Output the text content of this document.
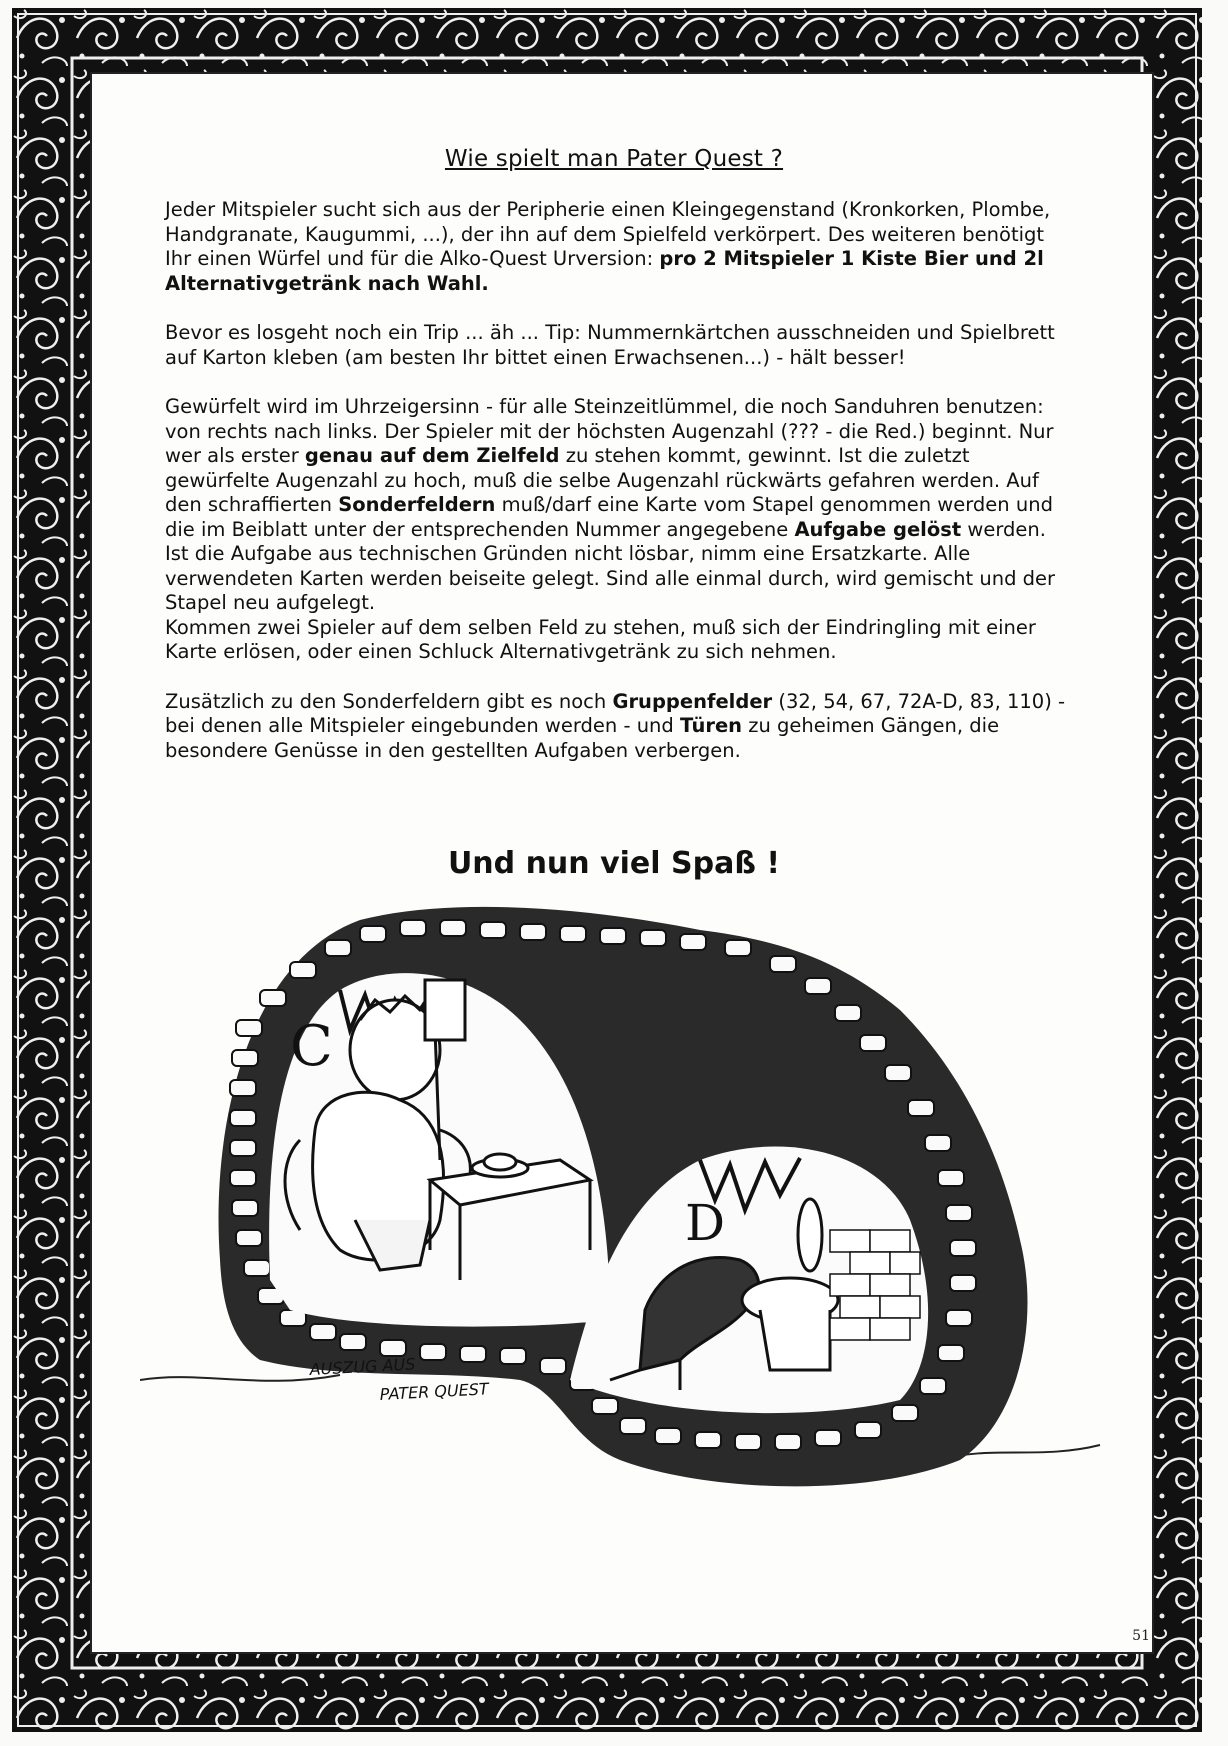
Wie spielt man Pater Quest ?

Jeder Mitspieler sucht sich aus der Peripherie einen Kleingegenstand (Kronkorken, Plombe, Handgranate, Kaugummi, ...), der ihn auf dem Spielfeld verkörpert. Des weiteren benötigt Ihr einen Würfel und für die Alko-Quest Urversion: pro 2 Mitspieler 1 Kiste Bier und 2l Alternativgetränk nach Wahl.

Bevor es losgeht noch ein Trip ... äh ... Tip: Nummernkärtchen ausschneiden und Spielbrett auf Karton kleben (am besten Ihr bittet einen Erwachsenen...) - hält besser!

Gewürfelt wird im Uhrzeigersinn - für alle Steinzeitlümmel, die noch Sanduhren benutzen: von rechts nach links. Der Spieler mit der höchsten Augenzahl (??? - die Red.) beginnt. Nur wer als erster genau auf dem Zielfeld zu stehen kommt, gewinnt. Ist die zuletzt gewürfelte Augenzahl zu hoch, muß die selbe Augenzahl rückwärts gefahren werden. Auf den schraffierten Sonderfeldern muß/darf eine Karte vom Stapel genommen werden und die im Beiblatt unter der entsprechenden Nummer angegebene Aufgabe gelöst werden. Ist die Aufgabe aus technischen Gründen nicht lösbar, nimm eine Ersatzkarte. Alle verwendeten Karten werden beiseite gelegt. Sind alle einmal durch, wird gemischt und der Stapel neu aufgelegt.

Kommen zwei Spieler auf dem selben Feld zu stehen, muß sich der Eindringling mit einer Karte erlösen, oder einen Schluck Alternativgetränk zu sich nehmen.

Zusätzlich zu den Sonderfeldern gibt es noch Gruppenfelder (32, 54, 67, 72A-D, 83, 110) - bei denen alle Mitspieler eingebunden werden - und Türen zu geheimen Gängen, die besondere Genüsse in den gestellten Aufgaben verbergen.

Und nun viel Spaß !
C
D
AUSZUG AUS
PATER QUEST
51
